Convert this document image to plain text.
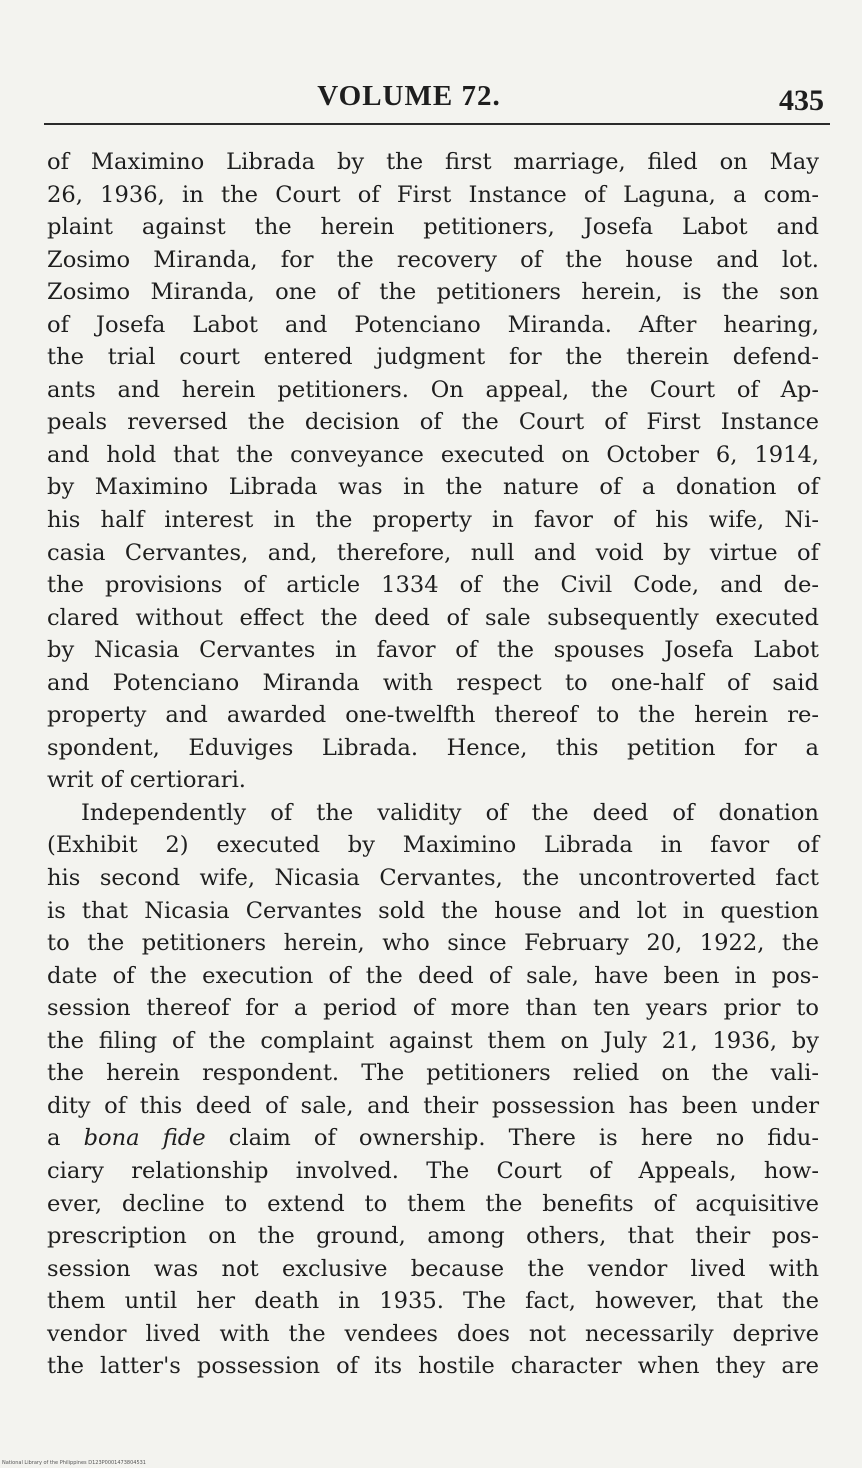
VOLUME 72.	435
of Maximino Librada by the first marriage, filed on May
26, 1936, in the Court of First Instance of Laguna, a com-
plaint against the herein petitioners, Josefa Labot and
Zosimo Miranda, for the recovery of the house and lot.
Zosimo Miranda, one of the petitioners herein, is the son
of Josefa Labot and Potenciano Miranda. After hearing,
the trial court entered judgment for the therein defend-
ants and herein petitioners. On appeal, the Court of Ap-
peals reversed the decision of the Court of First Instance
and hold that the conveyance executed on October 6, 1914,
by Maximino Librada was in the nature of a donation of
his half interest in the property in favor of his wife, Ni-
casia Cervantes, and, therefore, null and void by virtue of
the provisions of article 1334 of the Civil Code, and de-
clared without effect the deed of sale subsequently executed
by Nicasia Cervantes in favor of the spouses Josefa Labot
and Potenciano Miranda with respect to one-half of said
property and awarded one-twelfth thereof to the herein re-
spondent, Eduviges Librada. Hence, this petition for a
writ of certiorari.
Independently of the validity of the deed of donation
(Exhibit 2) executed by Maximino Librada in favor of
his second wife, Nicasia Cervantes, the uncontroverted fact
is that Nicasia Cervantes sold the house and lot in question
to the petitioners herein, who since February 20, 1922, the
date of the execution of the deed of sale, have been in pos-
session thereof for a period of more than ten years prior to
the filing of the complaint against them on July 21, 1936, by
the herein respondent. The petitioners relied on the vali-
dity of this deed of sale, and their possession has been under
a bona fide claim of ownership. There is here no fidu-
ciary relationship involved. The Court of Appeals, how-
ever, decline to extend to them the benefits of acquisitive
prescription on the ground, among others, that their pos-
session was not exclusive because the vendor lived with
them until her death in 1935. The fact, however, that the
vendor lived with the vendees does not necessarily deprive
the latter's possession of its hostile character when they are
National Library of the Philippines D123P0001473804531
